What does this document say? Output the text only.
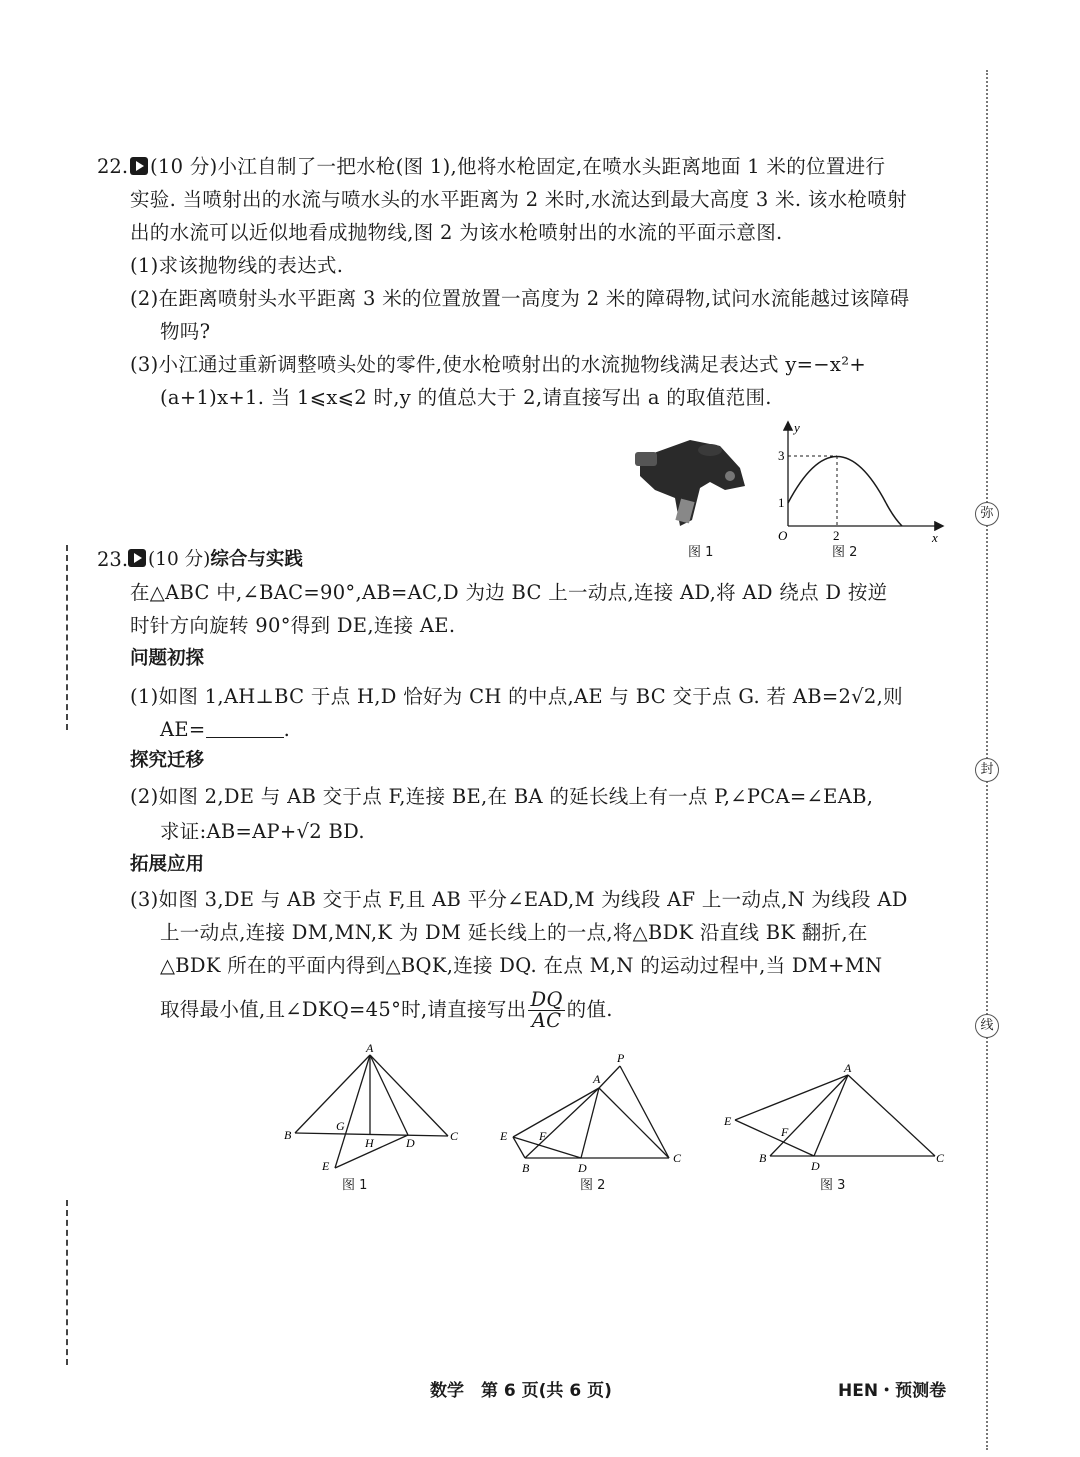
弥
封
线
22.	(10 分)小江自制了一把水枪(图 1),他将水枪固定,在喷水头距离地面 1 米的位置进行
实验. 当喷射出的水流与喷水头的水平距离为 2 米时,水流达到最大高度 3 米. 该水枪喷射
出的水流可以近似地看成抛物线,图 2 为该水枪喷射出的水流的平面示意图.
(1)求该抛物线的表达式.
(2)在距离喷射头水平距离 3 米的位置放置一高度为 2 米的障碍物,试问水流能越过该障碍
物吗?
(3)小江通过重新调整喷头处的零件,使水枪喷射出的水流抛物线满足表达式 y=−x²+
(a+1)x+1. 当 1⩽x⩽2 时,y 的值总大于 2,请直接写出 a 的取值范围.
图 1
y
x
O
3
1
2
图 2
23.	(10 分)综合与实践
在△ABC 中,∠BAC=90°,AB=AC,D 为边 BC 上一动点,连接 AD,将 AD 绕点 D 按逆
时针方向旋转 90°得到 DE,连接 AE.
问题初探
(1)如图 1,AH⊥BC 于点 H,D 恰好为 CH 的中点,AE 与 BC 交于点 G. 若 AB=2√2,则
AE=	.
探究迁移
(2)如图 2,DE 与 AB 交于点 F,连接 BE,在 BA 的延长线上有一点 P,∠PCA=∠EAB,
求证:AB=AP+√2 BD.
拓展应用
(3)如图 3,DE 与 AB 交于点 F,且 AB 平分∠EAD,M 为线段 AF 上一动点,N 为线段 AD
上一动点,连接 DM,MN,K 为 DM 延长线上的一点,将△BDK 沿直线 BK 翻折,在
△BDK 所在的平面内得到△BQK,连接 DQ. 在点 M,N 的运动过程中,当 DM+MN
取得最小值,且∠DKQ=45°时,请直接写出 $\frac{DQ}{AC}$ 的值.
A
B
G
H	D	C
E
图 1
P
A
E	F
B	D
C
图 2
A
E
F
B
D
C
图 3
数学　第 6 页(共 6 页)	HEN・预测卷
